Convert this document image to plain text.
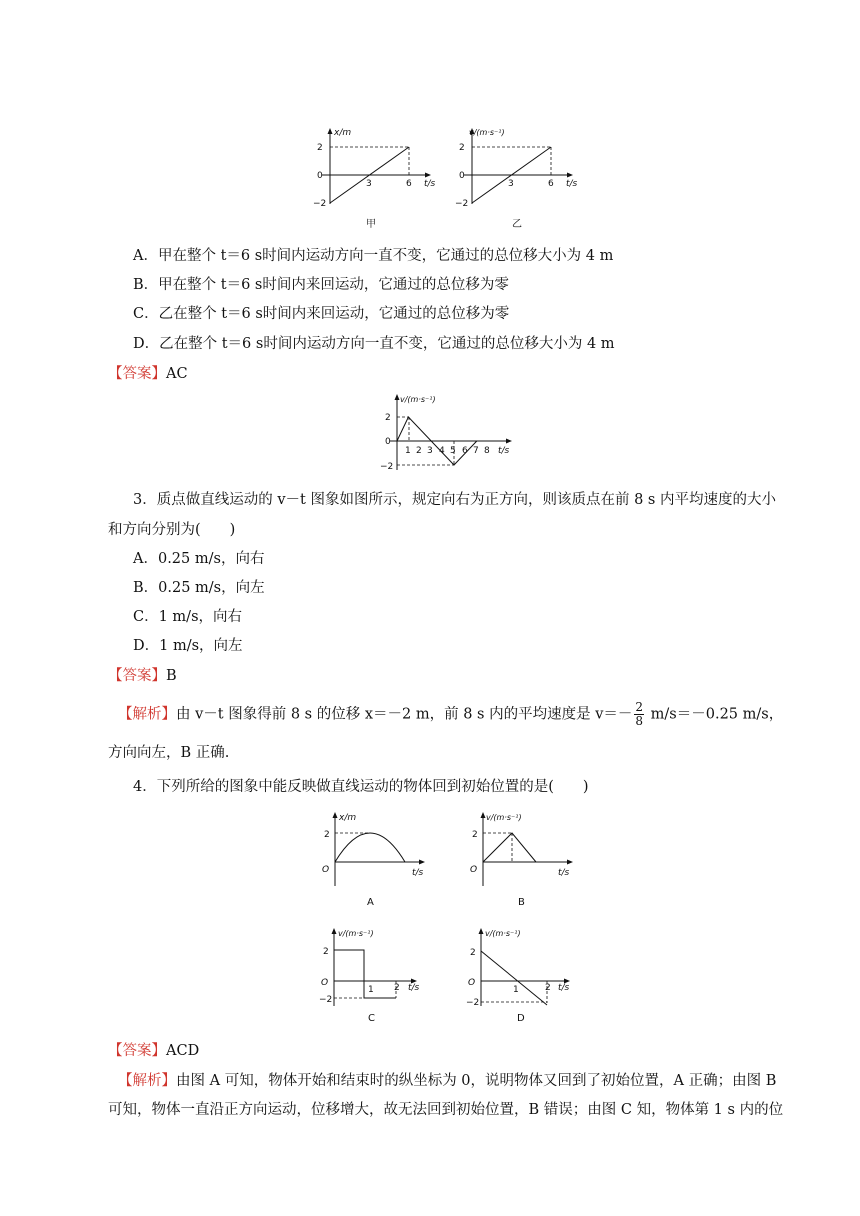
x/m
2
0
−2
3	6 t/s
甲
v/(m·s⁻¹)
2
0
−2
3	6 t/s
乙
A．甲在整个 t＝6 s时间内运动方向一直不变，它通过的总位移大小为 4 m
B．甲在整个 t＝6 s时间内来回运动，它通过的总位移为零
C．乙在整个 t＝6 s时间内来回运动，它通过的总位移为零
D．乙在整个 t＝6 s时间内运动方向一直不变，它通过的总位移大小为 4 m
【答案】AC
v/(m·s⁻¹)
2
0
−2
1 2 3 4 5 6 7 8 t/s
3．质点做直线运动的 v－t 图象如图所示，规定向右为正方向，则该质点在前 8 s 内平均速度的大小
和方向分别为(　　)
A．0.25 m/s，向右
B．0.25 m/s，向左
C．1 m/s，向右
D．1 m/s，向左
【答案】B
【解析】由 v－t 图象得前 8 s 的位移 x＝－2 m，前 8 s 内的平均速度是 $v=- \frac{2}{8} m/s=-0.25$ m/s，
方向向左，B 正确.
4．下列所给的图象中能反映做直线运动的物体回到初始位置的是(　　)
x/m
2
O	t/s
A
v/(m·s⁻¹)
2
O	t/s
B
v/(m·s⁻¹)
2
O
−2
1 2 t/s
C
v/(m·s⁻¹)
2
O
−2
1	2 t/s
D
【答案】ACD
【解析】由图 A 可知，物体开始和结束时的纵坐标为 0，说明物体又回到了初始位置，A 正确；由图 B
可知，物体一直沿正方向运动，位移增大，故无法回到初始位置，B 错误；由图 C 知，物体第 1 s 内的位
